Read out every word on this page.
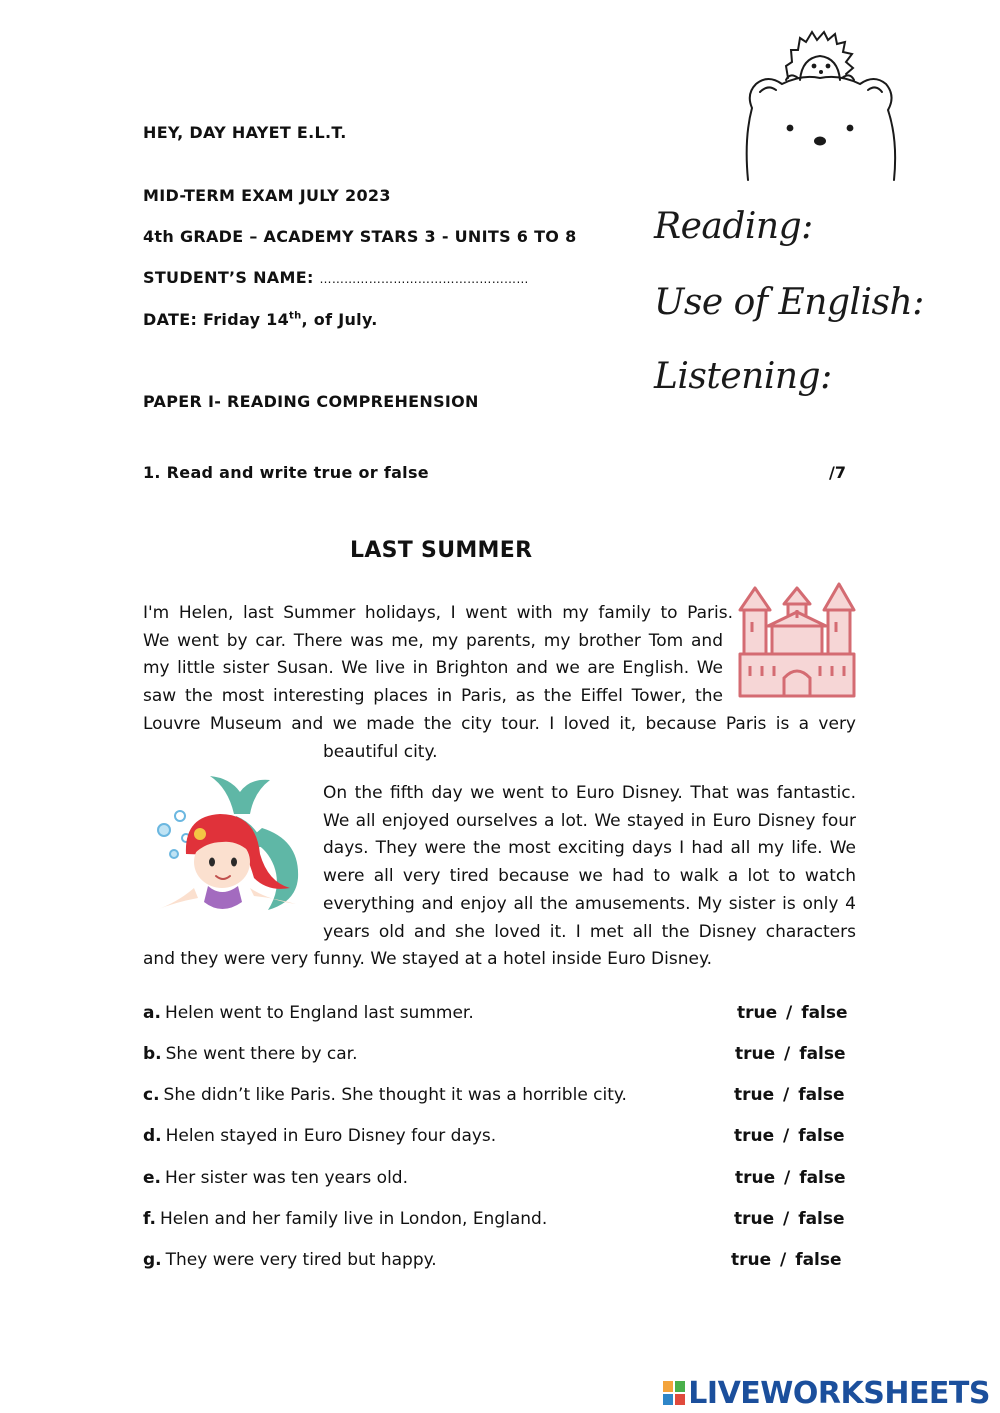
HEY, DAY HAYET E.L.T.
MID-TERM EXAM JULY 2023
4th GRADE – ACADEMY STARS 3 - UNITS 6 TO 8
STUDENT’S NAME: ……………………………………………
DATE: Friday 14th, of July.
PAPER I- READING COMPREHENSION
Reading:
Use of English:
Listening:
1. Read and write true or false	/7
LAST SUMMER
I'm Helen, last Summer holidays, I went with my family to Paris.
We went by car. There was me, my parents, my brother Tom and
my little sister Susan. We live in Brighton and we are English. We
saw the most interesting places in Paris, as the Eiffel Tower, the
Louvre Museum and we made the city tour. I loved it, because Paris is a very
beautiful city.
On the fifth day we went to Euro Disney. That was fantastic.
We all enjoyed ourselves a lot. We stayed in Euro Disney four
days. They were the most exciting days I had all my life. We
were all very tired because we had to walk a lot to watch
everything and enjoy all the amusements. My sister is only 4
years old and she loved it. I met all the Disney characters
and they were very funny. We stayed at a hotel inside Euro Disney.
a. Helen went to England last summer.	true / false
b. She went there by car.	true / false
c. She didn’t like Paris. She thought it was a horrible city.	true / false
d. Helen stayed in Euro Disney four days.	true / false
e. Her sister was ten years old.	true / false
f. Helen and her family live in London, England.	true / false
g. They were very tired but happy.	true / false
LIVEWORKSHEETS
